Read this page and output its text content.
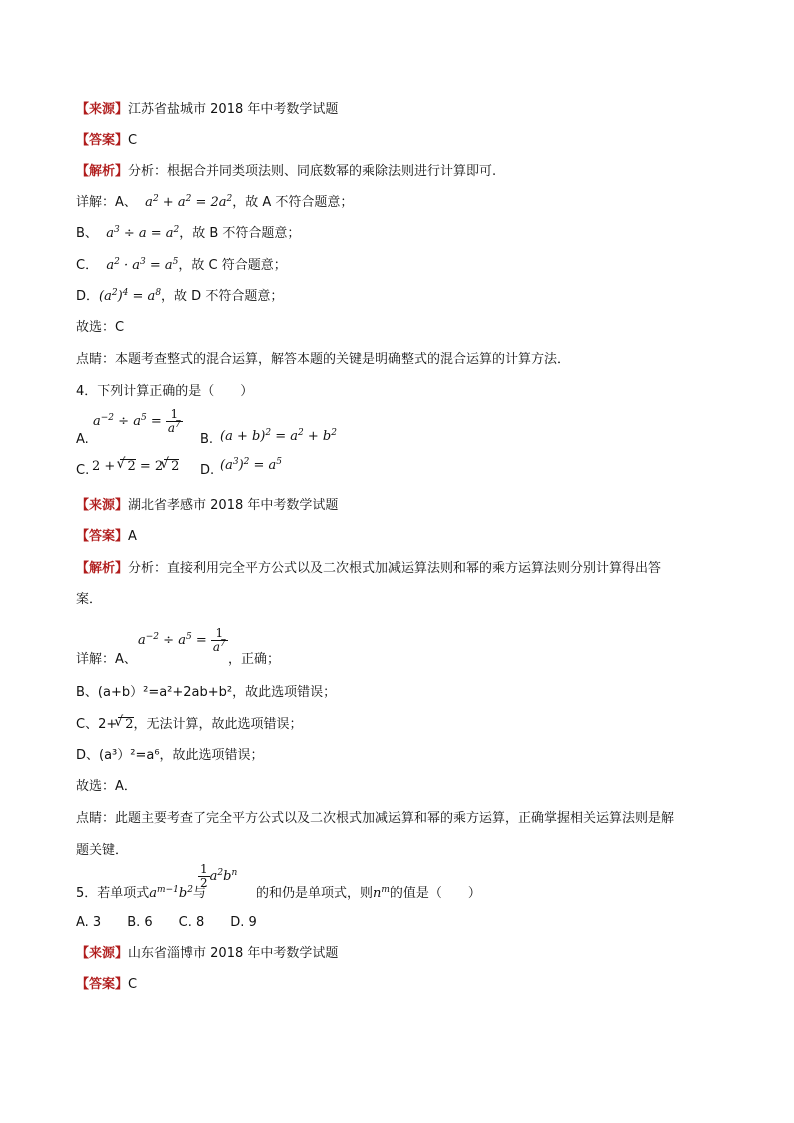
【来源】江苏省盐城市 2018 年中考数学试题
【答案】C
【解析】分析：根据合并同类项法则、同底数幂的乘除法则进行计算即可.
详解：A、  $a^2 + a^2 = 2a^2$，故 A 不符合题意；
B、  $a^3 \div a = a^2$，故 B 不符合题意；
C．  $a^2 \cdot a^3 = a^5$，故 C 符合题意；
D．$(a^2)^4 = a^8$，故 D 不符合题意；
故选：C
点睛：本题考查整式的混合运算，解答本题的关键是明确整式的混合运算的计算方法．
4．下列计算正确的是（　　）
A.
$a^{-2} \div a^5 = \frac{1}{a^7}$
B. $(a + b)^2 = a^2 + b^2$
C. 2 + √ 2 = 2 √ 2 D. $(a^3)^2 = a^5$
【来源】湖北省孝感市 2018 年中考数学试题
【答案】A
【解析】分析：直接利用完全平方公式以及二次根式加减运算法则和幂的乘方运算法则分别计算得出答
案．
详解：A、
$a^{-2} \div a^5 = \frac{1}{a^7}$
，正确；
B、(a+b）²=a²+2ab+b²，故此选项错误；
C、2+ √ 2，无法计算，故此选项错误；
D、(a³）²=a⁶，故此选项错误；
故选：A．
点睛：此题主要考查了完全平方公式以及二次根式加减运算和幂的乘方运算，正确掌握相关运算法则是解
题关键．
5．若单项式$a^{m-1}b^2$与	的和仍是单项式，则$n^m$的值是（　　）
$\frac{1}{2} a^2b^n$
A. 3　　B. 6　　C. 8　　D. 9
【来源】山东省淄博市 2018 年中考数学试题
【答案】C
